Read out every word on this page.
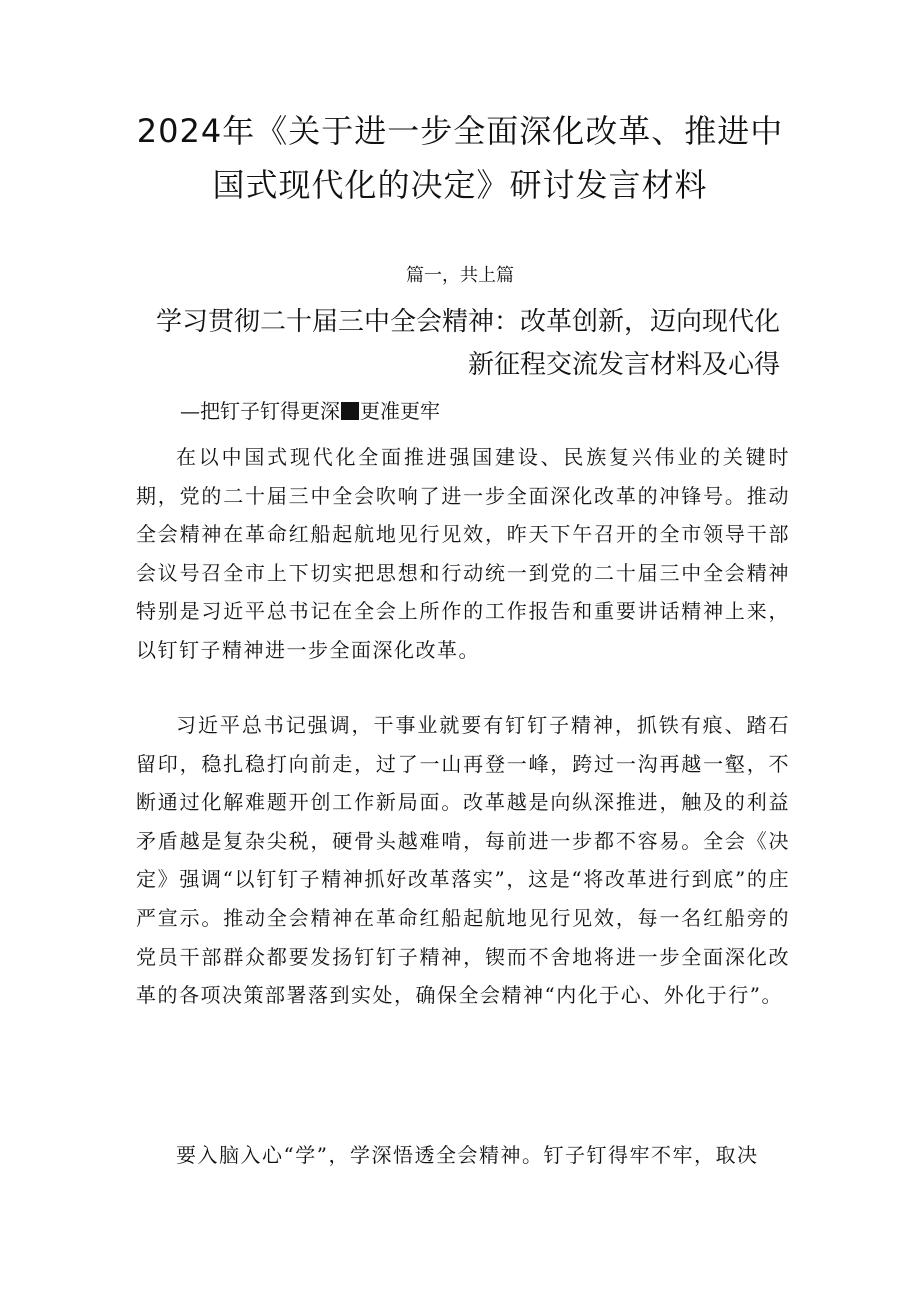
2024年《关于进一步全面深化改革、推进中
国式现代化的决定》研讨发言材料
篇一，共上篇
学习贯彻二十届三中全会精神：改革创新，迈向现代化
新征程交流发言材料及心得
—把钉子钉得更深 更准更牢

在以中国式现代化全面推进强国建设、民族复兴伟业的关键时期，党的二十届三中全会吹响了进一步全面深化改革的冲锋号。推动全会精神在革命红船起航地见行见效，昨天下午召开的全市领导干部会议号召全市上下切实把思想和行动统一到党的二十届三中全会精神特别是习近平总书记在全会上所作的工作报告和重要讲话精神上来，以钉钉子精神进一步全面深化改革。

习近平总书记强调，干事业就要有钉钉子精神，抓铁有痕、踏石留印，稳扎稳打向前走，过了一山再登一峰，跨过一沟再越一壑，不断通过化解难题开创工作新局面。改革越是向纵深推进，触及的利益矛盾越是复杂尖税，硬骨头越难啃，每前进一步都不容易。全会《决定》强调“以钉钉子精神抓好改革落实”，这是“将改革进行到底”的庄严宣示。推动全会精神在革命红船起航地见行见效，每一名红船旁的党员干部群众都要发扬钉钉子精神，锲而不舍地将进一步全面深化改革的各项决策部署落到实处，确保全会精神“内化于心、外化于行”。

要入脑入心“学”，学深悟透全会精神。钉子钉得牢不牢，取决
